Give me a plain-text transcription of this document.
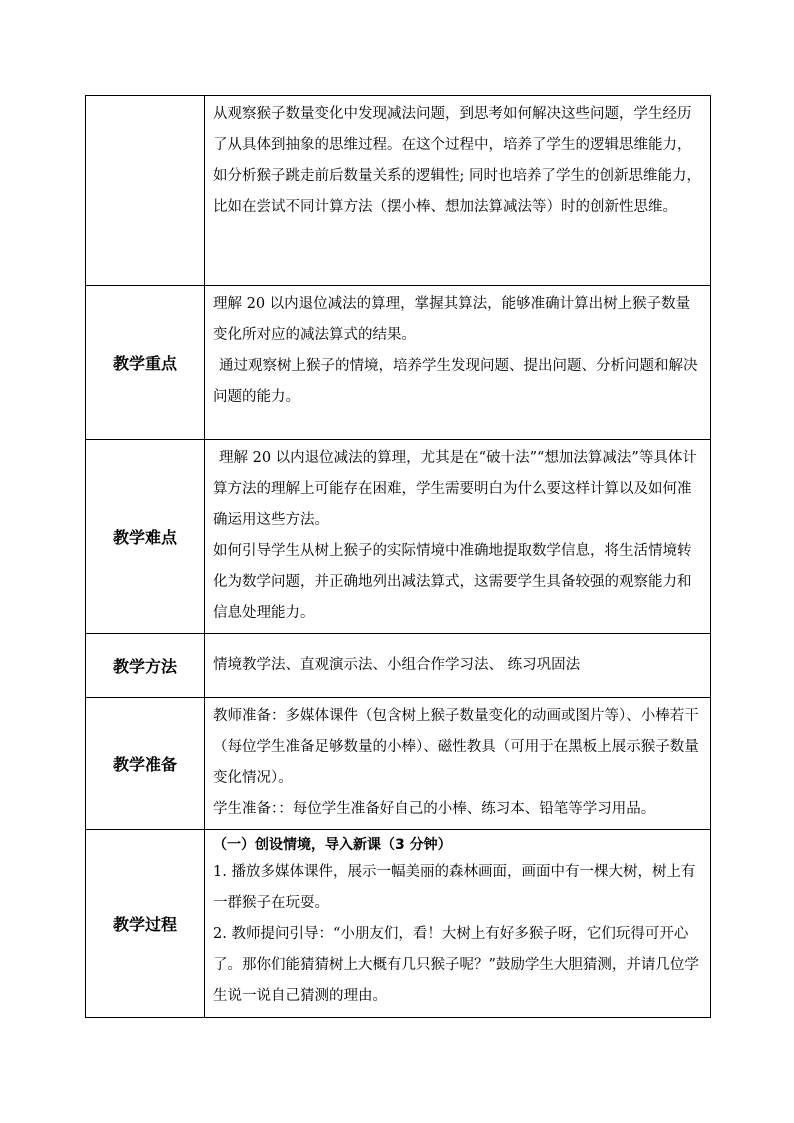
	从观察猴子数量变化中发现减法问题，到思考如何解决这些问题，学生经历了从具体到抽象的思维过程。在这个过程中，培养了学生的逻辑思维能力，如分析猴子跳走前后数量关系的逻辑性; 同时也培养了学生的创新思维能力，比如在尝试不同计算方法（摆小棒、想加法算减法等）时的创新性思维。

教学重点	理解 20 以内退位减法的算理，掌握其算法，能够准确计算出树上猴子数量变化所对应的减法算式的结果。

通过观察树上猴子的情境，培养学生发现问题、提出问题、分析问题和解决问题的能力。

教学难点	理解 20 以内退位减法的算理，尤其是在“破十法”“想加法算减法”等具体计算方法的理解上可能存在困难，学生需要明白为什么要这样计算以及如何准确运用这些方法。

如何引导学生从树上猴子的实际情境中准确地提取数学信息，将生活情境转化为数学问题，并正确地列出减法算式，这需要学生具备较强的观察能力和信息处理能力。

教学方法	情境教学法、直观演示法、小组合作学习法、 练习巩固法

教学准备	教师准备：多媒体课件（包含树上猴子数量变化的动画或图片等）、小棒若干（每位学生准备足够数量的小棒）、磁性教具（可用于在黑板上展示猴子数量变化情况）。

学生准备：：每位学生准备好自己的小棒、练习本、铅笔等学习用品。

教学过程	（一）创设情境，导入新课（3 分钟）

1. 播放多媒体课件，展示一幅美丽的森林画面，画面中有一棵大树，树上有一群猴子在玩耍。

2. 教师提问引导：“小朋友们，看！大树上有好多猴子呀，它们玩得可开心了。那你们能猜猜树上大概有几只猴子呢？”鼓励学生大胆猜测，并请几位学生说一说自己猜测的理由。
